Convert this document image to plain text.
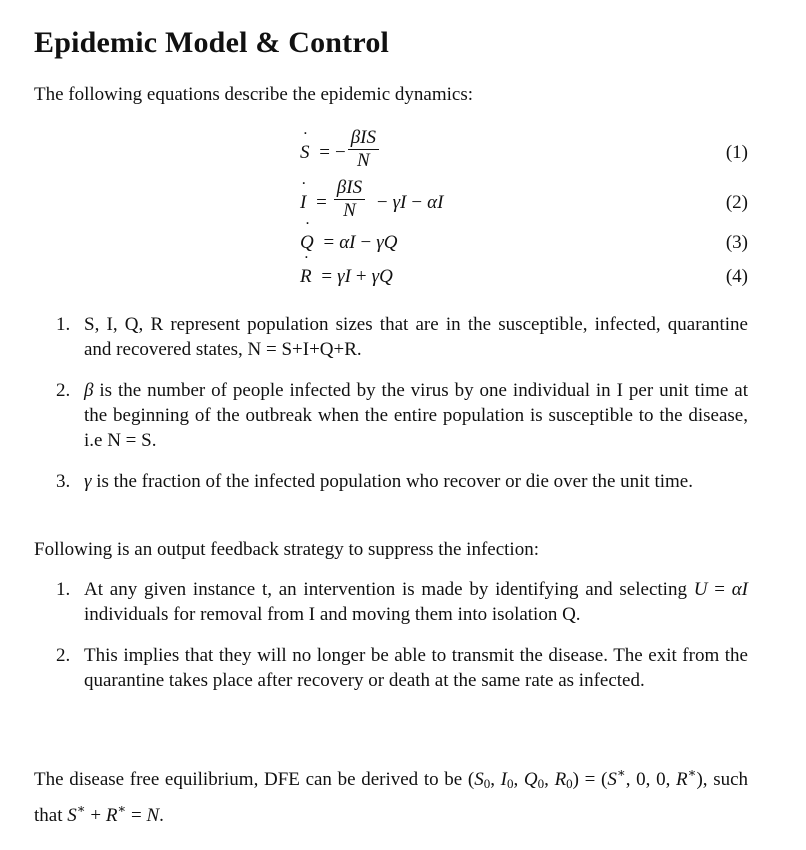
Epidemic Model & Control

The following equations describe the epidemic dynamics:

S ˙ = − $\frac{\text{βIS}}{N}$	(1)
I ˙ = $\frac{\text{βIS}}{N} - \gamma I - \alpha I$	(2)
Q ˙ = αI − γQ	(3)
R ˙ = γI + γQ	(4)
1. S, I, Q, R represent population sizes that are in the susceptible, infected, quarantine and recovered states, N = S+I+Q+R.
2. β is the number of people infected by the virus by one individual in I per unit time at the beginning of the outbreak when the entire population is susceptible to the disease, i.e N = S.
3. γ is the fraction of the infected population who recover or die over the unit time.

Following is an output feedback strategy to suppress the infection:

1. At any given instance t, an intervention is made by identifying and selecting U = αI individuals for removal from I and moving them into isolation Q.
2. This implies that they will no longer be able to transmit the disease. The exit from the quarantine takes place after recovery or death at the same rate as infected.

The disease free equilibrium, DFE can be derived to be ($S_0$, $I_0$, $Q_0$, $R_0) = (S^∗$, 0, 0, R∗), such that S∗ + R∗ = N.
